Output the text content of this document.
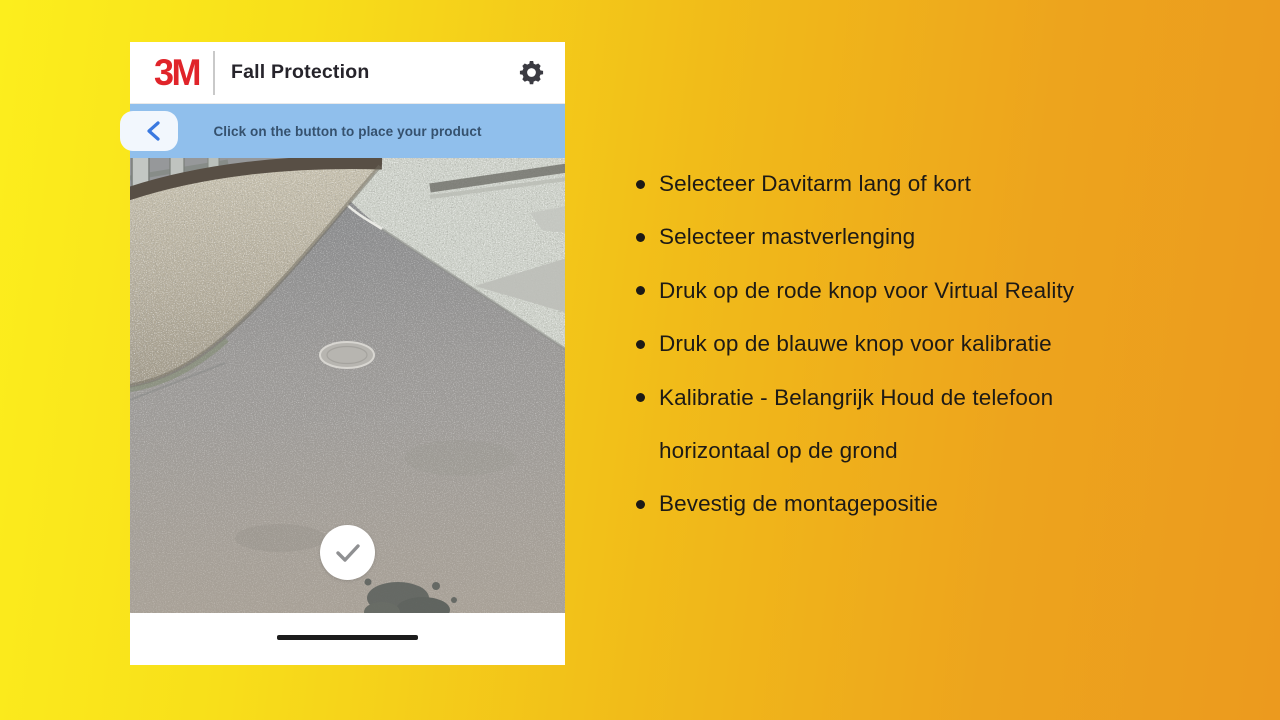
3M Fall Protection
Click on the button to place your product
Selecteer Davitarm lang of kort
Selecteer mastverlenging
Druk op de rode knop voor Virtual Reality
Druk op de blauwe knop voor kalibratie
Kalibratie - Belangrijk Houd de telefoon horizontaal op de grond
Bevestig de montagepositie
